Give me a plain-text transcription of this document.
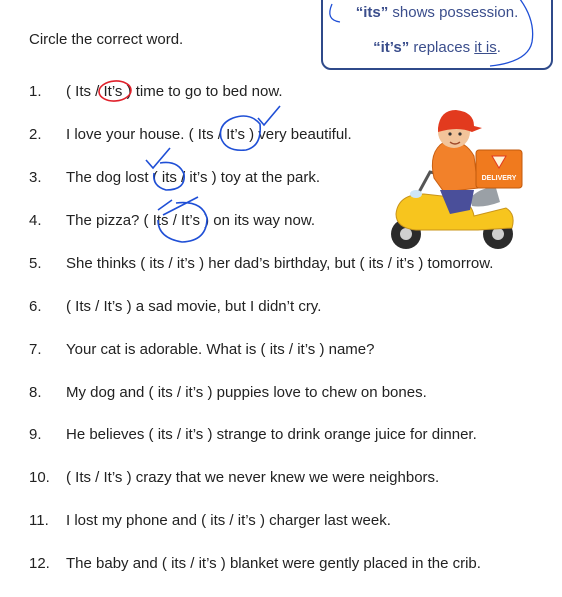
“its” shows possession.
“it’s” replaces it is.
Circle the correct word.
1. ( Its / It’s ) time to go to bed now.
2. I love your house. ( Its / It’s ) very beautiful.
3. The dog lost ( its / it’s ) toy at the park.
4. The pizza? ( Its / It’s ) on its way now.
5. She thinks ( its / it’s ) her dad’s birthday, but ( its / it’s ) tomorrow.
6. ( Its / It’s ) a sad movie, but I didn’t cry.
7. Your cat is adorable. What is ( its / it’s ) name?
8. My dog and ( its / it’s ) puppies love to chew on bones.
9. He believes ( its / it’s ) strange to drink orange juice for dinner.
10. ( Its / It’s ) crazy that we never knew we were neighbors.
11. I lost my phone and ( its / it’s ) charger last week.
12. The baby and ( its / it’s ) blanket were gently placed in the crib.
DELIVERY
